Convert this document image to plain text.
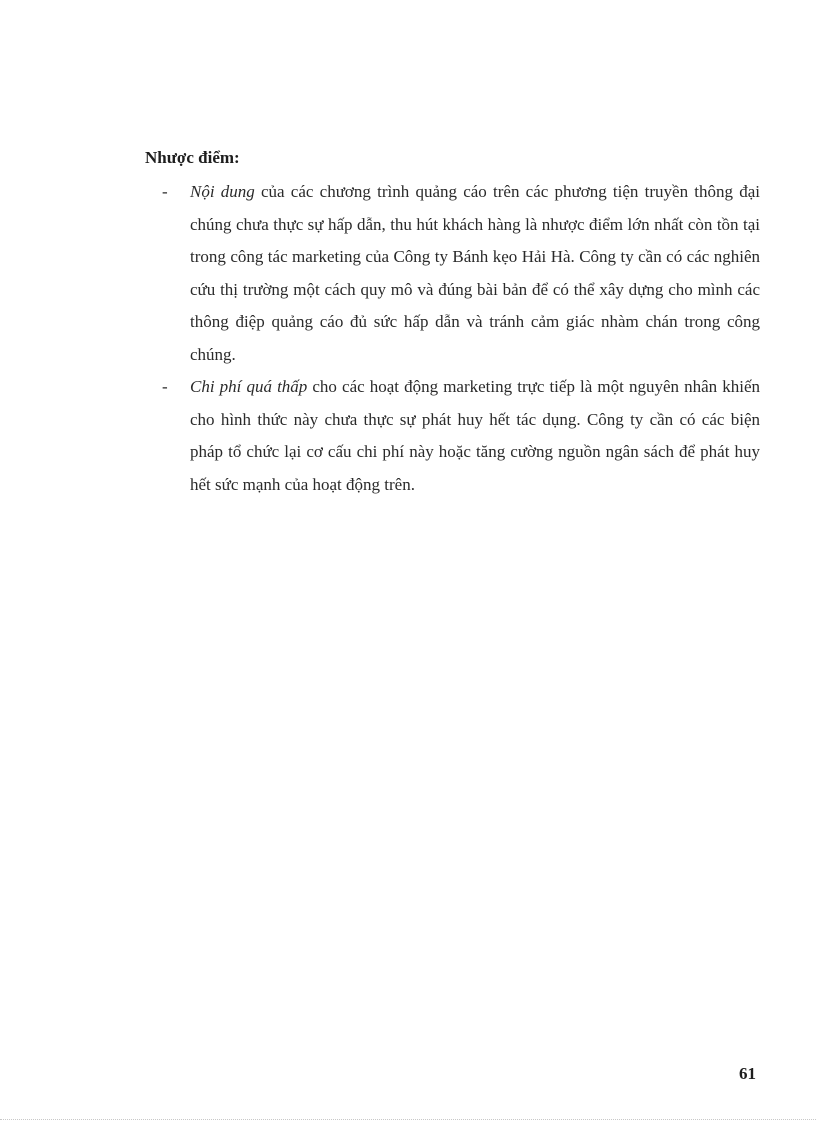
Nhược điểm:
- Nội dung của các chương trình quảng cáo trên các phương tiện truyền thông đại chúng chưa thực sự hấp dẫn, thu hút khách hàng là nhược điểm lớn nhất còn tồn tại trong công tác marketing của Công ty Bánh kẹo Hải Hà. Công ty cần có các nghiên cứu thị trường một cách quy mô và đúng bài bản để có thể xây dựng cho mình các thông điệp quảng cáo đủ sức hấp dẫn và tránh cảm giác nhàm chán trong công chúng.
- Chi phí quá thấp cho các hoạt động marketing trực tiếp là một nguyên nhân khiến cho hình thức này chưa thực sự phát huy hết tác dụng. Công ty cần có các biện pháp tổ chức lại cơ cấu chi phí này hoặc tăng cường nguồn ngân sách để phát huy hết sức mạnh của hoạt động trên.
61
